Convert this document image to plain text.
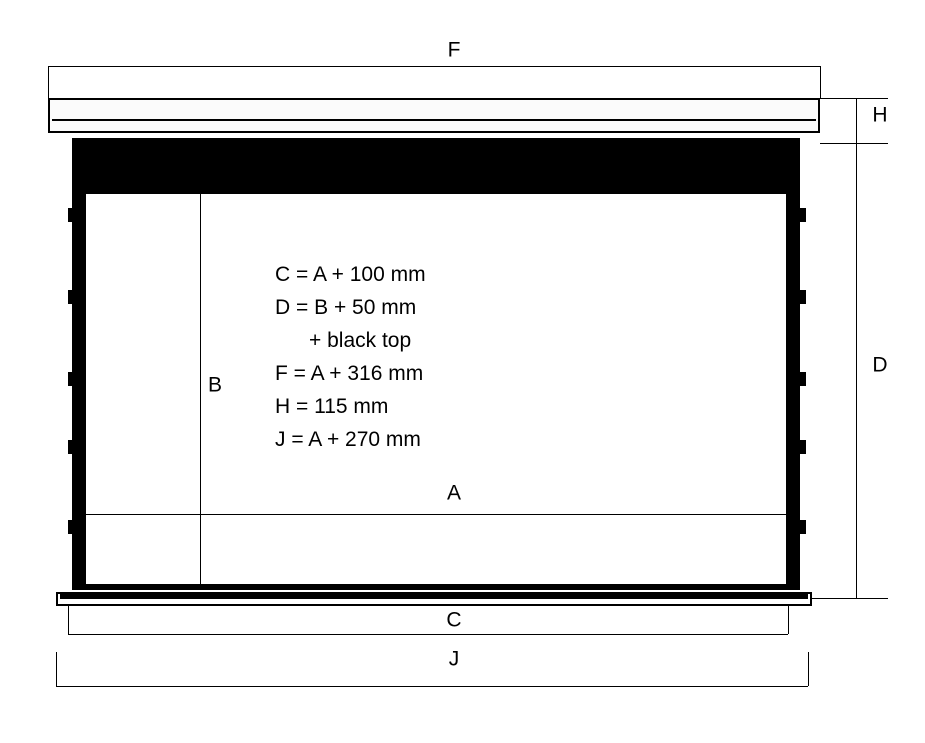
F
H
D
B
A
C
J
C = A + 100 mm
D = B + 50 mm
+ black top
F = A + 316 mm
H = 115 mm
J = A + 270 mm
